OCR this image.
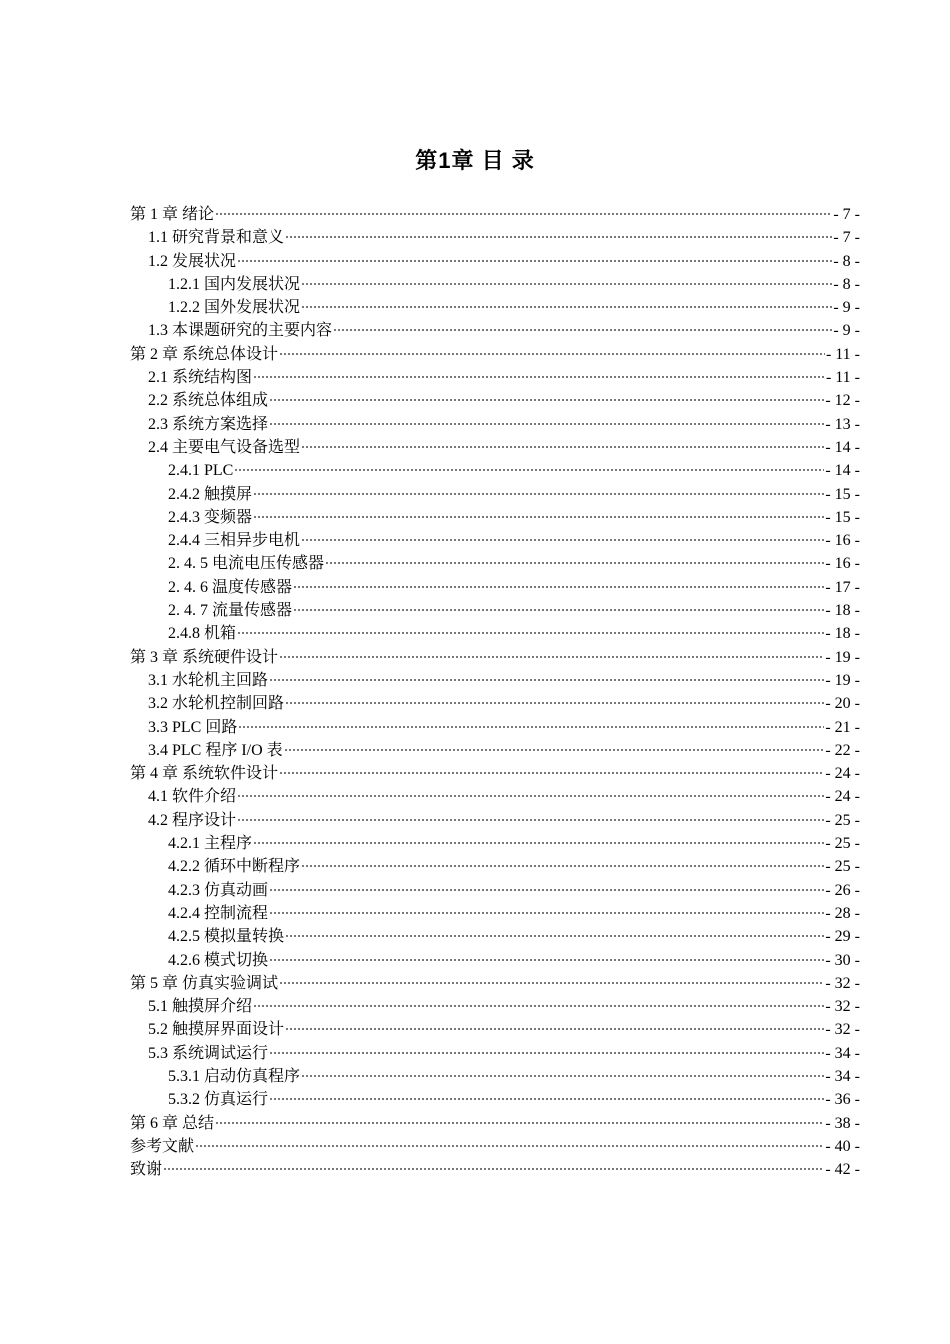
第1章 目 录
第 1 章 绪论	- 7 -
1.1 研究背景和意义	- 7 -
1.2 发展状况	- 8 -
1.2.1 国内发展状况	- 8 -
1.2.2 国外发展状况	- 9 -
1.3 本课题研究的主要内容	- 9 -
第 2 章 系统总体设计	- 11 -
2.1 系统结构图	- 11 -
2.2 系统总体组成	- 12 -
2.3 系统方案选择	- 13 -
2.4 主要电气设备选型	- 14 -
2.4.1 PLC	- 14 -
2.4.2 触摸屏	- 15 -
2.4.3 变频器	- 15 -
2.4.4 三相异步电机	- 16 -
2. 4. 5 电流电压传感器	- 16 -
2. 4. 6 温度传感器	- 17 -
2. 4. 7 流量传感器	- 18 -
2.4.8 机箱	- 18 -
第 3 章 系统硬件设计	- 19 -
3.1 水轮机主回路	- 19 -
3.2 水轮机控制回路	- 20 -
3.3 PLC 回路	- 21 -
3.4 PLC 程序 I/O 表	- 22 -
第 4 章 系统软件设计	- 24 -
4.1 软件介绍	- 24 -
4.2 程序设计	- 25 -
4.2.1 主程序	- 25 -
4.2.2 循环中断程序	- 25 -
4.2.3 仿真动画	- 26 -
4.2.4 控制流程	- 28 -
4.2.5 模拟量转换	- 29 -
4.2.6 模式切换	- 30 -
第 5 章 仿真实验调试	- 32 -
5.1 触摸屏介绍	- 32 -
5.2 触摸屏界面设计	- 32 -
5.3 系统调试运行	- 34 -
5.3.1 启动仿真程序	- 34 -
5.3.2 仿真运行	- 36 -
第 6 章 总结	- 38 -
参考文献	- 40 -
致谢	- 42 -
